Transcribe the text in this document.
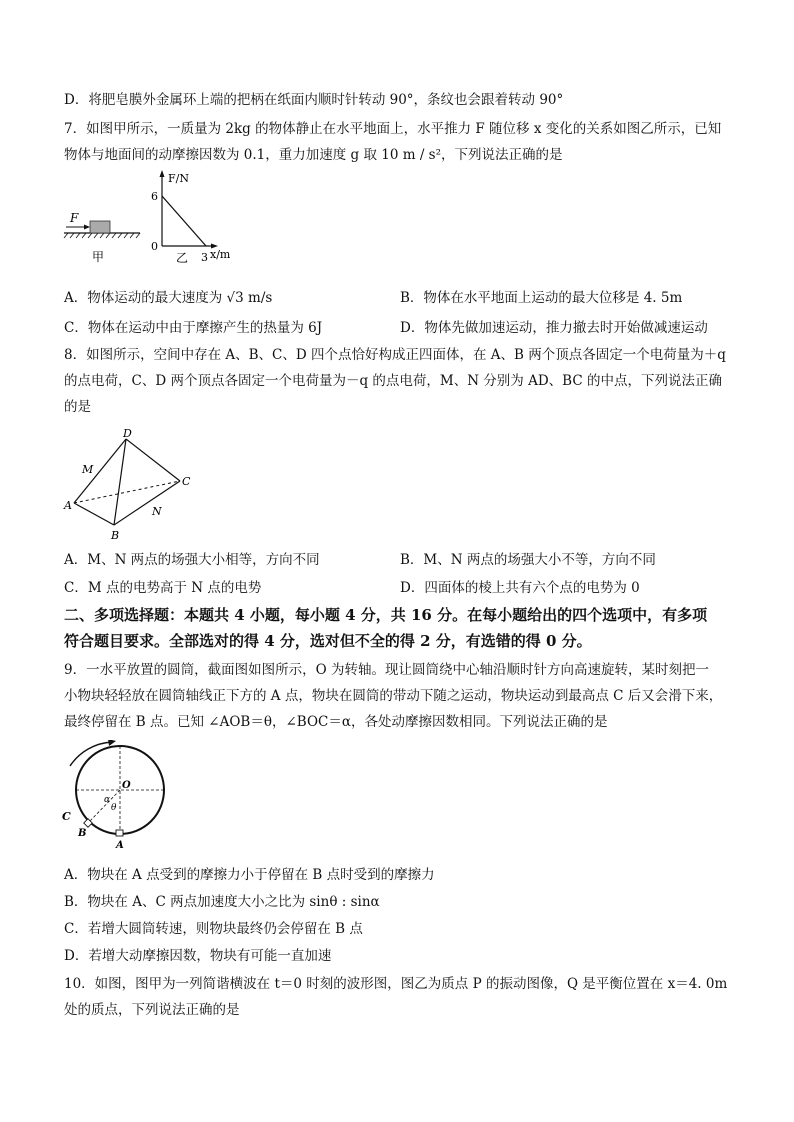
D．将肥皂膜外金属环上端的把柄在纸面内顺时针转动 90°，条纹也会跟着转动 90°
7．如图甲所示，一质量为 2kg 的物体静止在水平地面上，水平推力 F 随位移 x 变化的关系如图乙所示，已知
物体与地面间的动摩擦因数为 0.1，重力加速度 g 取 10 m / s²，下列说法正确的是
F
甲
F/N
6
0
3 x/m
乙
A．物体运动的最大速度为 √3 m/s	B．物体在水平地面上运动的最大位移是 4. 5m
C．物体在运动中由于摩擦产生的热量为 6J	D．物体先做加速运动，推力撤去时开始做减速运动
8．如图所示，空间中存在 A、B、C、D 四个点恰好构成正四面体，在 A、B 两个顶点各固定一个电荷量为＋q
的点电荷，C、D 两个顶点各固定一个电荷量为－q 的点电荷，M、N 分别为 AD、BC 的中点，下列说法正确
的是
D
A
B
C
M
N
A．M、N 两点的场强大小相等，方向不同	B．M、N 两点的场强大小不等，方向不同
C．M 点的电势高于 N 点的电势	D．四面体的棱上共有六个点的电势为 0
二、多项选择题：本题共 4 小题，每小题 4 分，共 16 分。在每小题给出的四个选项中，有多项
符合题目要求。全部选对的得 4 分，选对但不全的得 2 分，有选错的得 0 分。
9．一水平放置的圆筒，截面图如图所示，O 为转轴。现让圆筒绕中心轴沿顺时针方向高速旋转，某时刻把一
小物块轻轻放在圆筒轴线正下方的 A 点，物块在圆筒的带动下随之运动，物块运动到最高点 C 后又会滑下来，
最终停留在 B 点。已知 ∠AOB＝θ，∠BOC＝α，各处动摩擦因数相同。下列说法正确的是
O
α
θ
C
B
A
A．物块在 A 点受到的摩擦力小于停留在 B 点时受到的摩擦力
B．物块在 A、C 两点加速度大小之比为 sinθ : sinα
C．若增大圆筒转速，则物块最终仍会停留在 B 点
D．若增大动摩擦因数，物块有可能一直加速
10．如图，图甲为一列简谐横波在 t＝0 时刻的波形图，图乙为质点 P 的振动图像，Q 是平衡位置在 x＝4. 0m
处的质点，下列说法正确的是
